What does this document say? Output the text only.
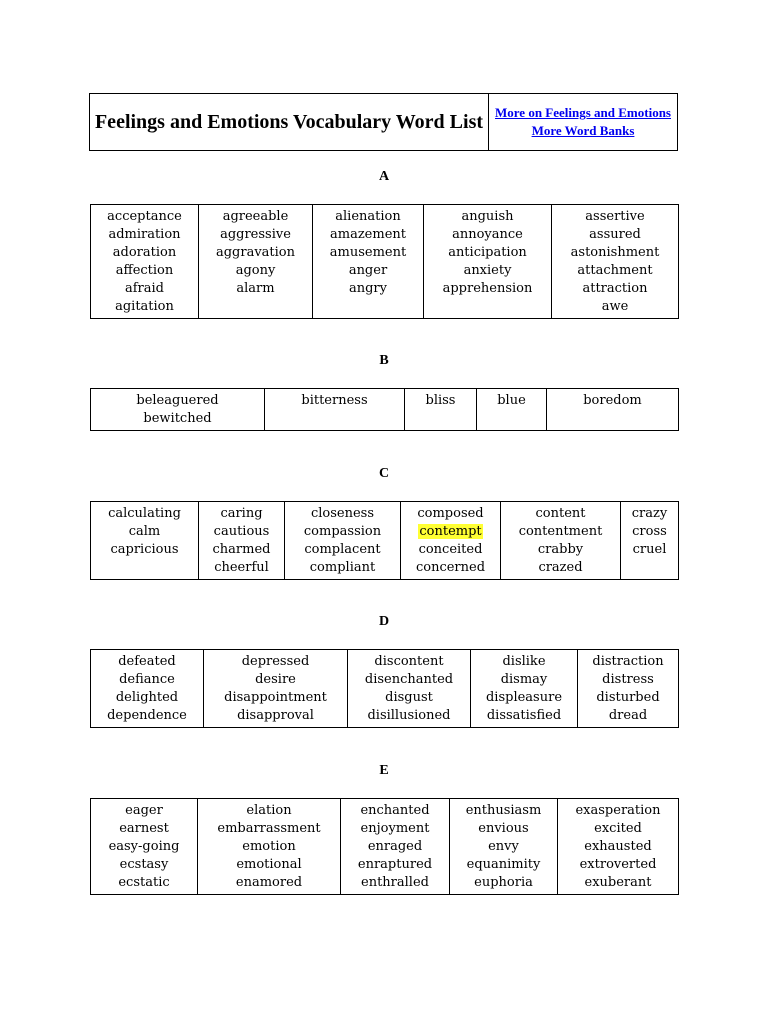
Feelings and Emotions Vocabulary Word List	More on Feelings and Emotions
More Word Banks
A
acceptance
admiration
adoration
affection
afraid
agitation

agreeable
aggressive
aggravation
agony
alarm

alienation
amazement
amusement
anger
angry

anguish
annoyance
anticipation
anxiety
apprehension

assertive
assured
astonishment
attachment
attraction
awe
B
beleaguered
bewitched

bitterness	bliss	blue	boredom
C
calculating
calm
capricious

caring
cautious
charmed
cheerful

closeness
compassion
complacent
compliant

composed
contempt
conceited
concerned

content
contentment
crabby
crazed

crazy
cross
cruel
D
defeated
defiance
delighted
dependence

depressed
desire
disappointment
disapproval

discontent
disenchanted
disgust
disillusioned

dislike
dismay
displeasure
dissatisfied

distraction
distress
disturbed
dread
E
eager
earnest
easy-going
ecstasy
ecstatic

elation
embarrassment
emotion
emotional
enamored

enchanted
enjoyment
enraged
enraptured
enthralled

enthusiasm
envious
envy
equanimity
euphoria

exasperation
excited
exhausted
extroverted
exuberant
